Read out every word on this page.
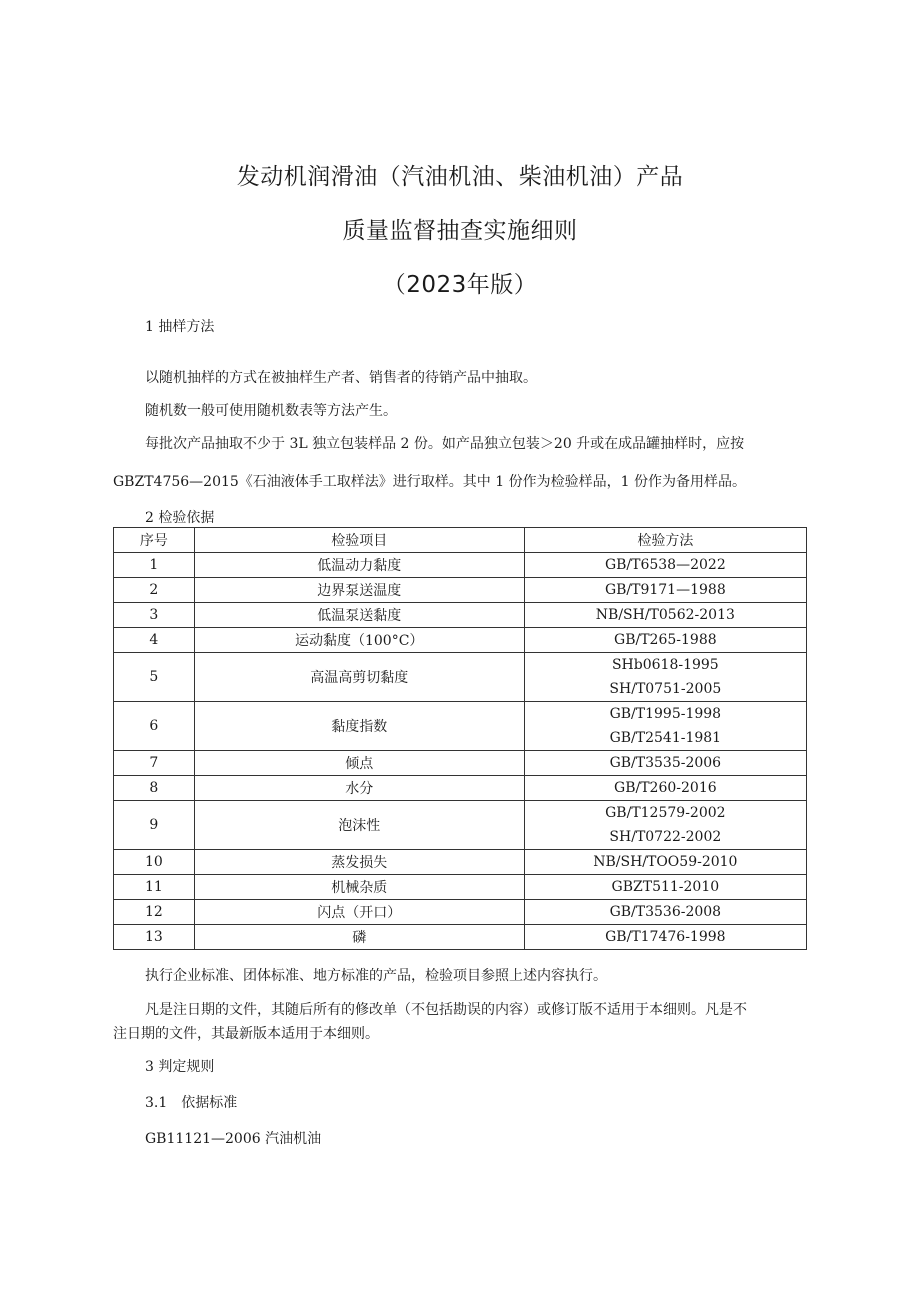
发动机润滑油（汽油机油、柴油机油）产品
质量监督抽查实施细则
（2023年版）
1 抽样方法
以随机抽样的方式在被抽样生产者、销售者的待销产品中抽取。
随机数一般可使用随机数表等方法产生。
每批次产品抽取不少于 3L 独立包装样品 2 份。如产品独立包装＞20 升或在成品罐抽样时，应按
GBZT4756—2015《石油液体手工取样法》进行取样。其中 1 份作为检验样品，1 份作为备用样品。
2 检验依据
序号	检验项目	检验方法
1	低温动力黏度	GB/T6538—2022

2	边界泵送温度	GB/T9171—1988

3	低温泵送黏度	NB/SH/T0562-2013

4	运动黏度（100°C）	GB/T265-1988

5	高温高剪切黏度	SHb0618-1995
SH/T0751-2005

6	黏度指数	GB/T1995-1998
GB/T2541-1981

7	倾点	GB/T3535-2006

8	水分	GB/T260-2016

9	泡沫性	GB/T12579-2002
SH/T0722-2002

10	蒸发损失	NB/SH/TOO59-2010

11	机械杂质	GBZT511-2010

12	闪点（开口）	GB/T3536-2008

13	磷	GB/T17476-1998
执行企业标准、团体标准、地方标准的产品，检验项目参照上述内容执行。
凡是注日期的文件，其随后所有的修改单（不包括勘误的内容）或修订版不适用于本细则。凡是不
注日期的文件，其最新版本适用于本细则。
3 判定规则
3.1　依据标准
GB11121—2006 汽油机油
